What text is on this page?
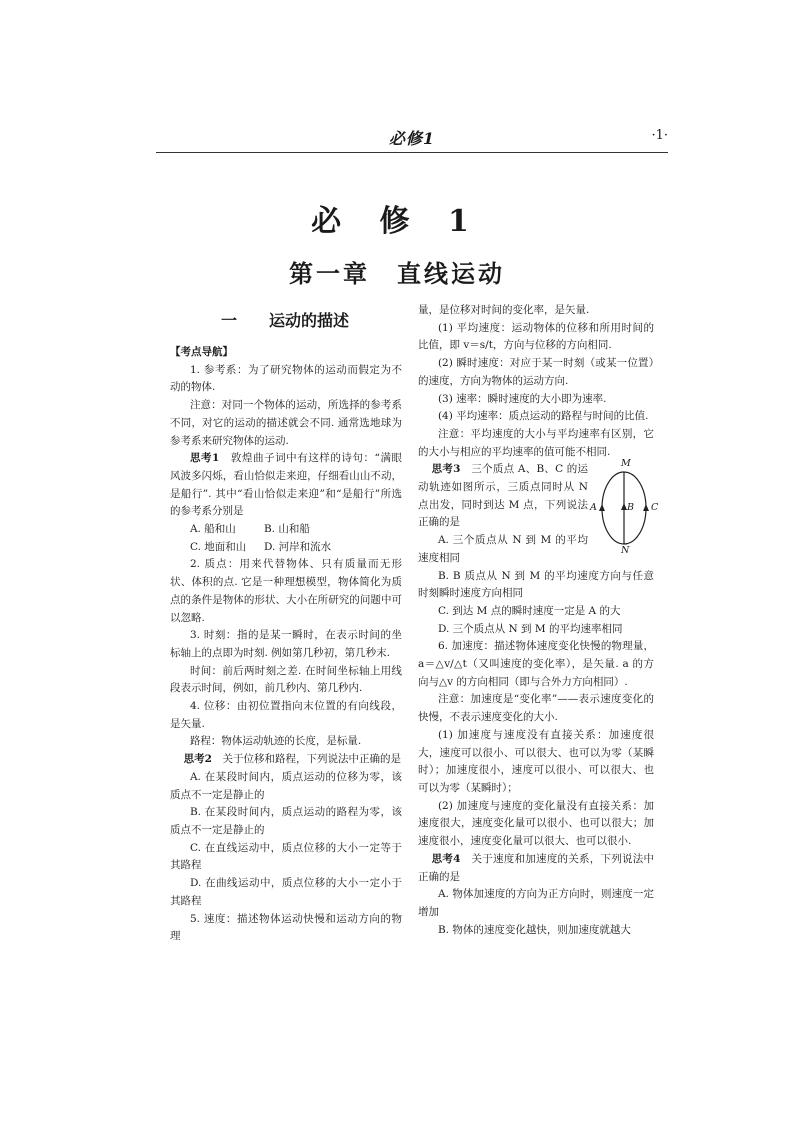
必修1	·1·
必 修 1
第一章　直线运动
一　　运动的描述

【考点导航】

1. 参考系：为了研究物体的运动而假定为不动的物体.

注意：对同一个物体的运动，所选择的参考系不同，对它的运动的描述就会不同. 通常选地球为参考系来研究物体的运动.

思考1　敦煌曲子词中有这样的诗句：“满眼风波多闪烁，看山恰似走来迎，仔细看山山不动，是船行”. 其中“看山恰似走来迎”和“是船行”所选的参考系分别是

A. 船和山	B. 山和船
C. 地面和山	D. 河岸和流水

2. 质点：用来代替物体、只有质量而无形状、体积的点. 它是一种理想模型，物体简化为质点的条件是物体的形状、大小在所研究的问题中可以忽略.

3. 时刻：指的是某一瞬时，在表示时间的坐标轴上的点即为时刻. 例如第几秒初，第几秒末.

时间：前后两时刻之差. 在时间坐标轴上用线段表示时间，例如，前几秒内、第几秒内.

4. 位移：由初位置指向末位置的有向线段，是矢量.

路程：物体运动轨迹的长度，是标量.

思考2　关于位移和路程，下列说法中正确的是

A. 在某段时间内，质点运动的位移为零，该质点不一定是静止的

B. 在某段时间内，质点运动的路程为零，该质点不一定是静止的

C. 在直线运动中，质点位移的大小一定等于其路程

D. 在曲线运动中，质点位移的大小一定小于其路程

5. 速度：描述物体运动快慢和运动方向的物理

量，是位移对时间的变化率，是矢量.

(1) 平均速度：运动物体的位移和所用时间的比值，即 v＝s/t，方向与位移的方向相同.

(2) 瞬时速度：对应于某一时刻（或某一位置）的速度，方向为物体的运动方向.

(3) 速率：瞬时速度的大小即为速率.

(4) 平均速率：质点运动的路程与时间的比值.

注意：平均速度的大小与平均速率有区别，它的大小与相应的平均速率的值可能不相同.

M
N
A	B C

思考3　三个质点 A、B、C 的运动轨迹如图所示，三质点同时从 N 点出发，同时到达 M 点，下列说法正确的是

A. 三个质点从 N 到 M 的平均速度相同

B. B 质点从 N 到 M 的平均速度方向与任意时刻瞬时速度方向相同

C. 到达 M 点的瞬时速度一定是 A 的大

D. 三个质点从 N 到 M 的平均速率相同

6. 加速度：描述物体速度变化快慢的物理量，a＝△v/△t（又叫速度的变化率），是矢量. a 的方向与△v 的方向相同（即与合外力方向相同）.

注意：加速度是“变化率”——表示速度变化的快慢，不表示速度变化的大小.

(1) 加速度与速度没有直接关系：加速度很大，速度可以很小、可以很大、也可以为零（某瞬时）；加速度很小，速度可以很小、可以很大、也可以为零（某瞬时）；

(2) 加速度与速度的变化量没有直接关系：加速度很大，速度变化量可以很小、也可以很大；加速度很小，速度变化量可以很大、也可以很小.

思考4　关于速度和加速度的关系，下列说法中正确的是

A. 物体加速度的方向为正方向时，则速度一定增加

B. 物体的速度变化越快，则加速度就越大
